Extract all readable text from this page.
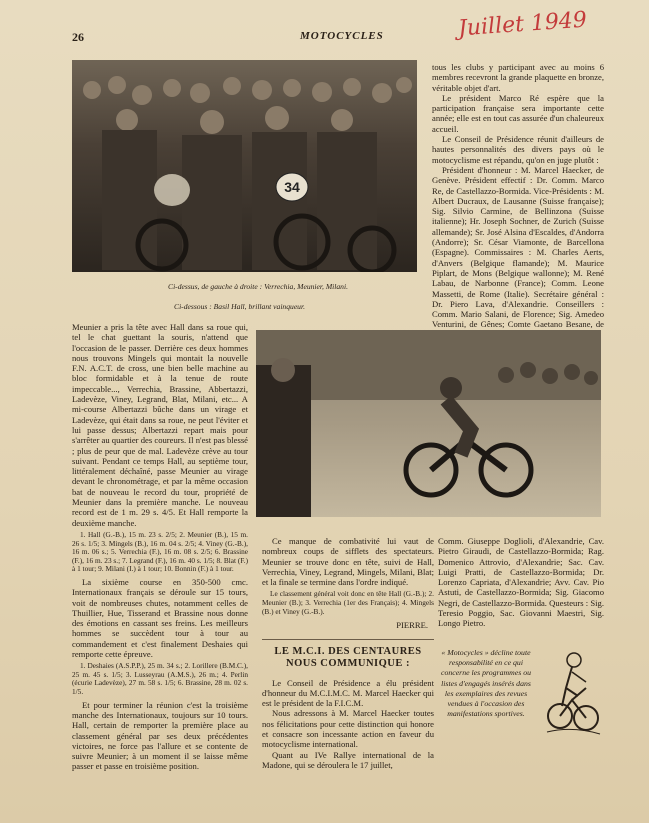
26	MOTOCYCLES	Juillet 1949
34
Ci-dessus, de gauche à droite : Verrechia, Meunier, Milani.
Ci-dessous : Basil Hall, brillant vainqueur.

tous les clubs y participant avec au moins 6 membres recevront la grande plaquette en bronze, véritable objet d'art.

Le président Marco Ré espère que la participation française sera importante cette année; elle est en tout cas assurée d'un chaleureux accueil.

Le Conseil de Présidence réunit d'ailleurs de hautes personnalités des divers pays où le motocyclisme est répandu, qu'on en juge plutôt :

Président d'honneur : M. Marcel Haecker, de Genève. Président effectif : Dr. Comm. Marco Re, de Castellazzo-Bormida. Vice-Présidents : M. Albert Ducraux, de Lausanne (Suisse française); Sig. Silvio Carmine, de Bellinzona (Suisse italienne); Hr. Joseph Sochner, de Zurich (Suisse allemande); Sr. José Alsina d'Escaldes, d'Andorra (Andorre); Sr. César Viamonte, de Barcellona (Espagne). Commissaires : M. Charles Aerts, d'Anvers (Belgique flamande); M. Maurice Piplart, de Mons (Belgique wallonne); M. René Labau, de Narbonne (France); Comm. Leone Massetti, de Rome (Italie). Secrétaire général : Dr. Piero Lava, d'Alexandrie. Conseillers : Comm. Mario Salani, de Florence; Sig. Amedeo Venturini, de Gênes; Comte Gaetano Besane, de

Meunier a pris la tête avec Hall dans sa roue qui, tel le chat guettant la souris, n'attend que l'occasion de le passer. Derrière ces deux hommes nous trouvons Mingels qui montait la nouvelle F.N. A.C.T. de cross, une bien belle machine au bloc formidable et à la tenue de route impeccable..., Verrechia, Brassine, Abbertazzi, Ladevèze, Viney, Legrand, Blat, Milani, etc... A mi-course Albertazzi bûche dans un virage et Ladevèze, qui était dans sa roue, ne peut l'éviter et lui passe dessus; Albertazzi repart mais pour s'arrêter au quartier des coureurs. Il n'est pas blessé ; plus de peur que de mal. Ladevèze crève au tour suivant. Pendant ce temps Hall, au septième tour, littéralement déchaîné, passe Meunier au virage devant le chronométrage, et par la même occasion bat de nouveau le record du tour, propriété de Meunier dans la première manche. Le nouveau record est de 1 m. 29 s. 4/5. Et Hall remporte la deuxième manche.

1. Hall (G.-B.), 15 m. 23 s. 2/5; 2. Meunier (B.), 15 m. 26 s. 1/5; 3. Mingels (B.), 16 m. 04 s. 2/5; 4. Viney (G.-B.), 16 m. 06 s.; 5. Verrechia (F.), 16 m. 08 s. 2/5; 6. Brassine (F.), 16 m. 23 s.; 7. Legrand (F.), 16 m. 40 s. 1/5; 8. Blat (F.) à 1 tour; 9. Milani (I.) à 1 tour; 10. Bonnin (F.) à 1 tour.

La sixième course en 350-500 cmc. Internationaux français se déroule sur 15 tours, voit de nombreuses chutes, notamment celles de Thuillier, Hue, Tisserand et Brassine nous donne des émotions en cassant ses freins. Les meilleurs hommes se succèdent tour à tour au commandement et c'est finalement Deshaies qui remporte cette épreuve.

1. Deshaies (A.S.P.P.), 25 m. 34 s.; 2. Lorillere (B.M.C.), 25 m. 45 s. 1/5; 3. Lusseyrau (A.M.S.), 26 m.; 4. Perlin (écurie Ladevèze), 27 m. 58 s. 1/5; 6. Brassine, 28 m. 02 s. 1/5.

Et pour terminer la réunion c'est la troisième manche des Internationaux, toujours sur 10 tours. Hall, certain de remporter la première place au classement général par ses deux précédentes victoires, ne force pas l'allure et se contente de suivre Meunier; à un moment il se laisse même passer et passe en troisième position.

Ce manque de combativité lui vaut de nombreux coups de sifflets des spectateurs. Meunier se trouve donc en tête, suivi de Hall, Verrechia, Viney, Legrand, Mingels, Milani, Blat; et la finale se termine dans l'ordre indiqué.

Le classement général voit donc en tête Hall (G.-B.); 2. Meunier (B.); 3. Verrechia (1er des Français); 4. Mingels (B.) et Viney (G.-B.).
PIERRE.
LE M.C.I. DES CENTAURES NOUS COMMUNIQUE :

Le Conseil de Présidence a élu président d'honneur du M.C.I.M.C. M. Marcel Haecker qui est le président de la F.I.C.M.

Nous adressons à M. Marcel Haecker toutes nos félicitations pour cette distinction qui honore et consacre son incessante action en faveur du motocyclisme international.

Quant au IVe Rallye international de la Madone, qui se déroulera le 17 juillet,

Comm. Giuseppe Doglioli, d'Alexandrie, Cav. Pietro Giraudi, de Castellazzo-Bormida; Rag. Domenico Attrovio, d'Alexandrie; Sac. Cav. Luigi Pratti, de Castellazzo-Bormida; Dr. Lorenzo Capriata, d'Alexandrie; Avv. Cav. Pio Astuti, de Castellazzo-Bormida; Sig. Giacomo Negri, de Castellazzo-Bormida. Questeurs : Sig. Teresio Poggio, Sac. Giovanni Maestri, Sig. Longo Pietro.

« Motocycles » décline toute responsabilité en ce qui concerne les programmes ou listes d'engagés insérés dans les exemplaires des revues vendues à l'occasion des manifestations sportives.
